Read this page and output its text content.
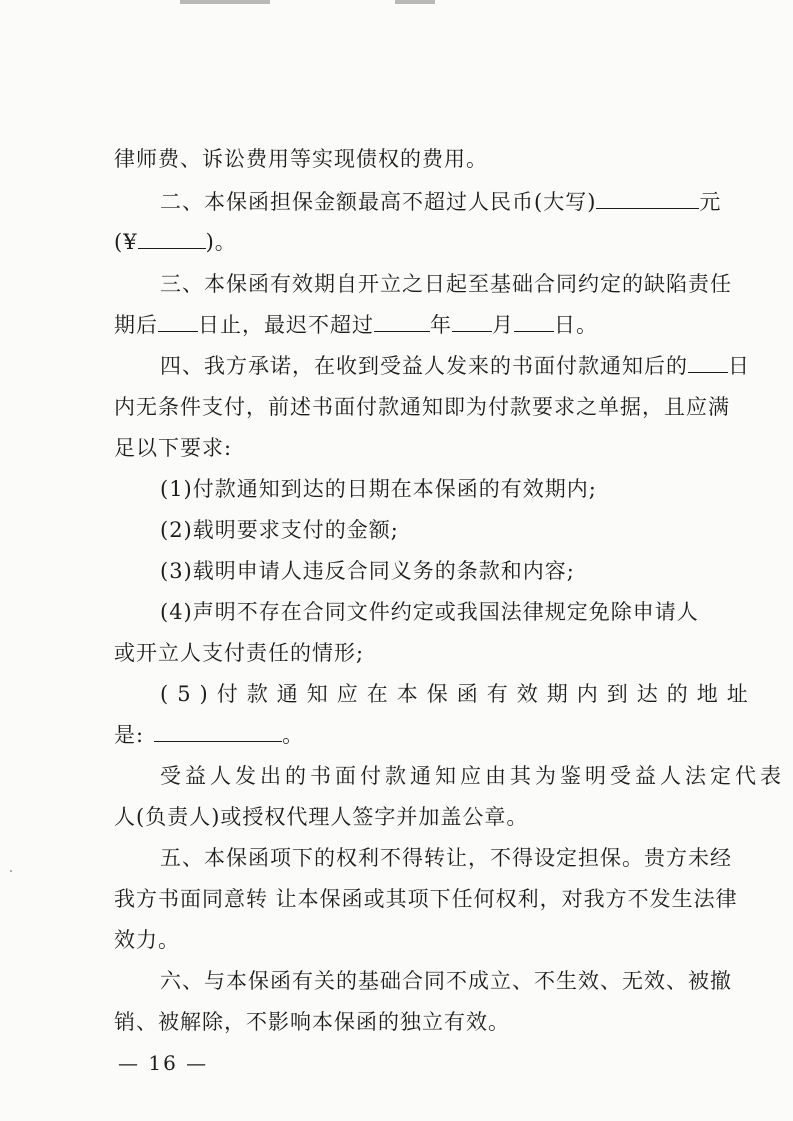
律师费、诉讼费用等实现债权的费用。
二、本保函担保金额最高不超过人民币(大写)	元
(¥	)。
三、本保函有效期自开立之日起至基础合同约定的缺陷责任
期后 日止，最迟不超过	年 月 日。
四、我方承诺，在收到受益人发来的书面付款通知后的 日
内无条件支付，前述书面付款通知即为付款要求之单据，且应满
足以下要求:
(1)付款通知到达的日期在本保函的有效期内;
(2)载明要求支付的金额;
(3)载明申请人违反合同义务的条款和内容;
(4)声明不存在合同文件约定或我国法律规定免除申请人
或开立人支付责任的情形;
(5)付款通知应在本保函有效期内到达的地址
是:	。
受益人发出的书面付款通知应由其为鉴明受益人法定代表
人(负责人)或授权代理人签字并加盖公章。
五、本保函项下的权利不得转让，不得设定担保。贵方未经
我方书面同意转 让本保函或其项下任何权利，对我方不发生法律
效力。
六、与本保函有关的基础合同不成立、不生效、无效、被撤
销、被解除，不影响本保函的独立有效。
— 16 —
